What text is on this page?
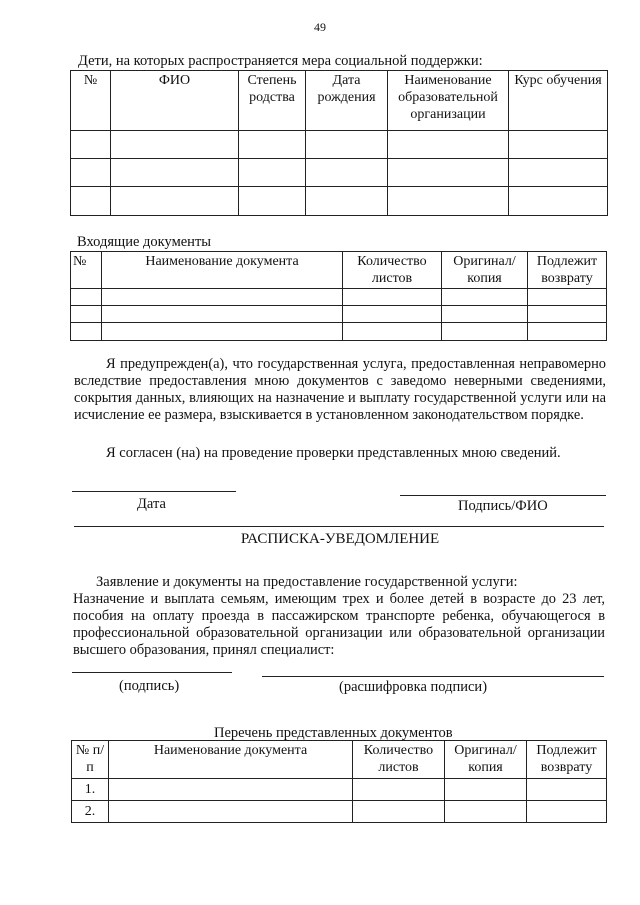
49
Дети, на которых распространяется мера социальной поддержки:
№	ФИО	Степень родства	Дата рождения	Наименование образовательной организации	Курс обучения

Входящие документы
№	Наименование документа	Количество листов	Оригинал/ копия	Подлежит возврату

Я предупрежден(а), что государственная услуга, предоставленная неправомерно вследствие предоставления мною документов с заведомо неверными сведениями, сокрытия данных, влияющих на назначение и выплату государственной услуги или на исчисление ее размера, взыскивается в установленном законодательством порядке.
Я согласен (на) на проведение проверки представленных мною сведений.
Дата	Подпись/ФИО
РАСПИСКА-УВЕДОМЛЕНИЕ
Заявление и документы на предоставление государственной услуги:
Назначение и выплата семьям, имеющим трех и более детей в возрасте до 23 лет, пособия на оплату проезда в пассажирском транспорте ребенка, обучающегося в профессиональной образовательной организации или образовательной организации высшего образования, принял специалист:
(подпись)	(расшифровка подписи)
Перечень представленных документов
№ п/п	Наименование документа	Количество листов	Оригинал/ копия	Подлежит возврату
1.				
2.				
